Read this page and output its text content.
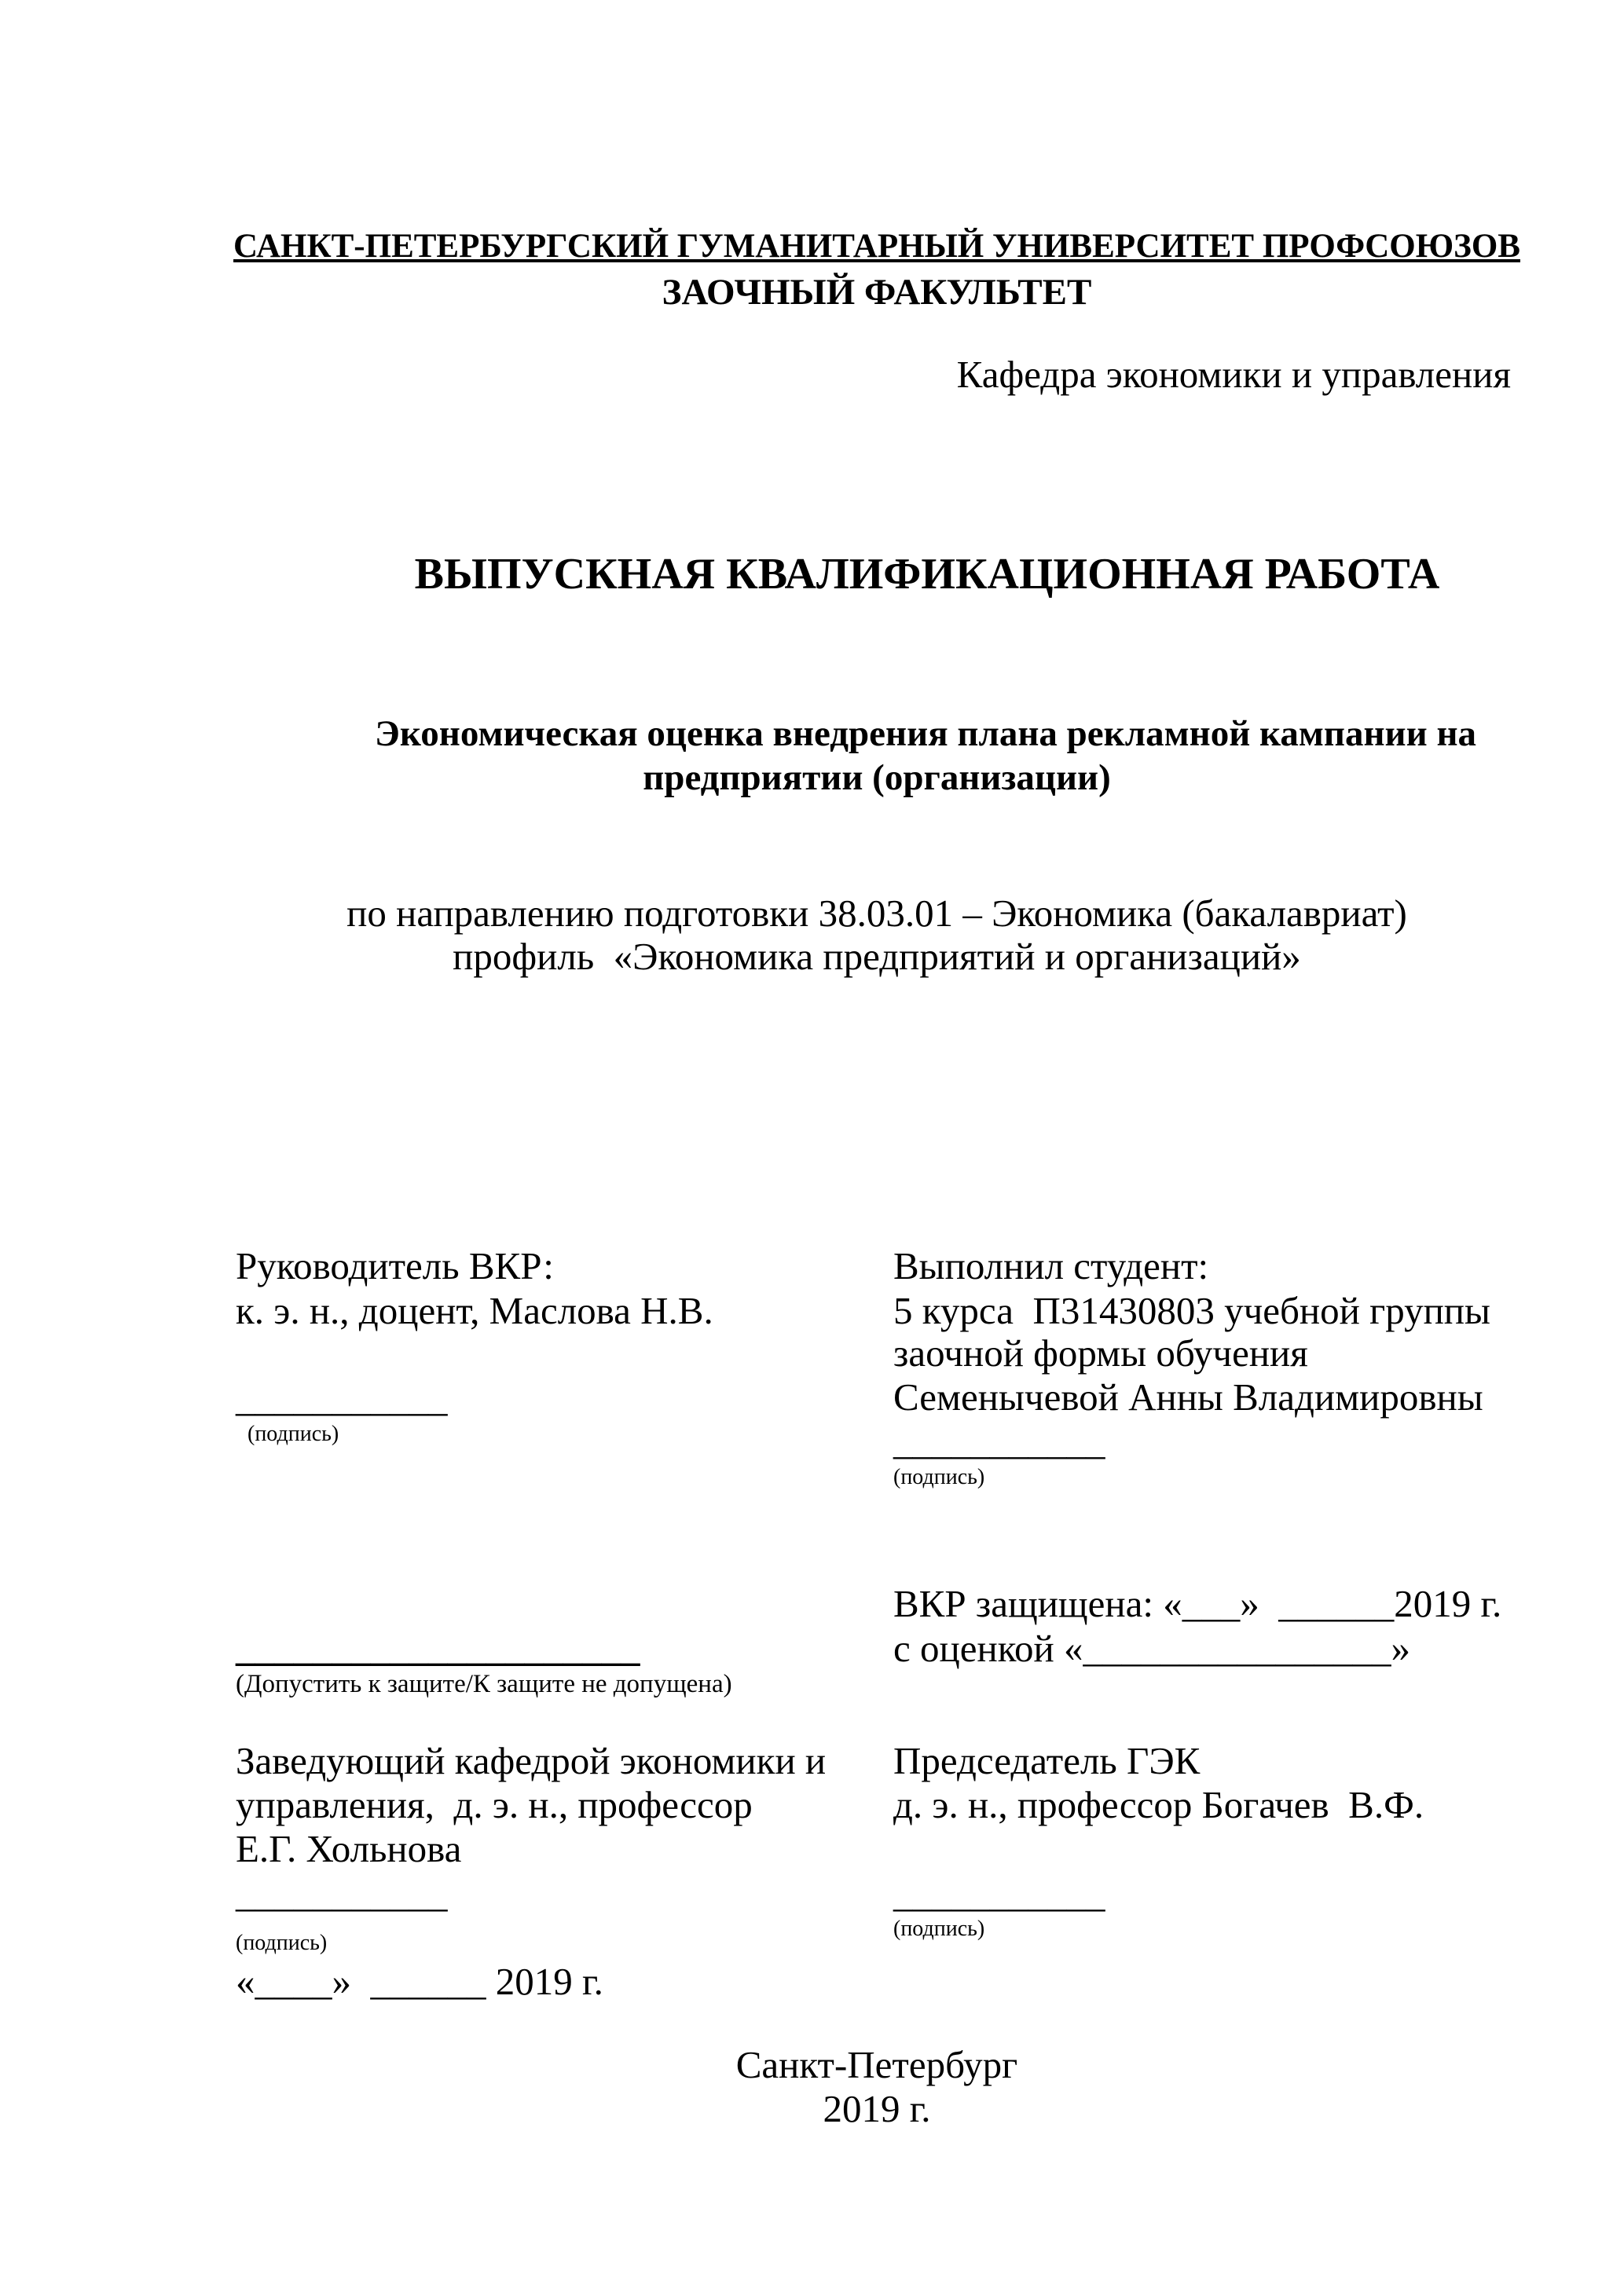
САНКТ-ПЕТЕРБУРГСКИЙ ГУМАНИТАРНЫЙ УНИВЕРСИТЕТ ПРОФСОЮЗОВ
ЗАОЧНЫЙ ФАКУЛЬТЕТ
Кафедра экономики и управления
ВЫПУСКНАЯ КВАЛИФИКАЦИОННАЯ РАБОТА
Экономическая оценка внедрения плана рекламной кампании на
предприятии (организации)
по направлению подготовки 38.03.01 – Экономика (бакалавриат)
профиль  «Экономика предприятий и организаций»
Руководитель ВКР:
к. э. н., доцент, Маслова Н.В.
___________
(подпись)
Выполнил студент:
5 курса  П31430803 учебной группы
заочной формы обучения
Семенычевой Анны Владимировны
___________
(подпись)
ВКР защищена: «___»  ______2019 г.
с оценкой «________________»
_____________________
(Допустить к защите/К защите не допущена)
Заведующий кафедрой экономики и
управления,  д. э. н., профессор
Е.Г. Хольнова
___________
(подпись)
«____»  ______ 2019 г.
Председатель ГЭК
д. э. н., профессор Богачев  В.Ф.
___________
(подпись)
Санкт-Петербург
2019 г.
